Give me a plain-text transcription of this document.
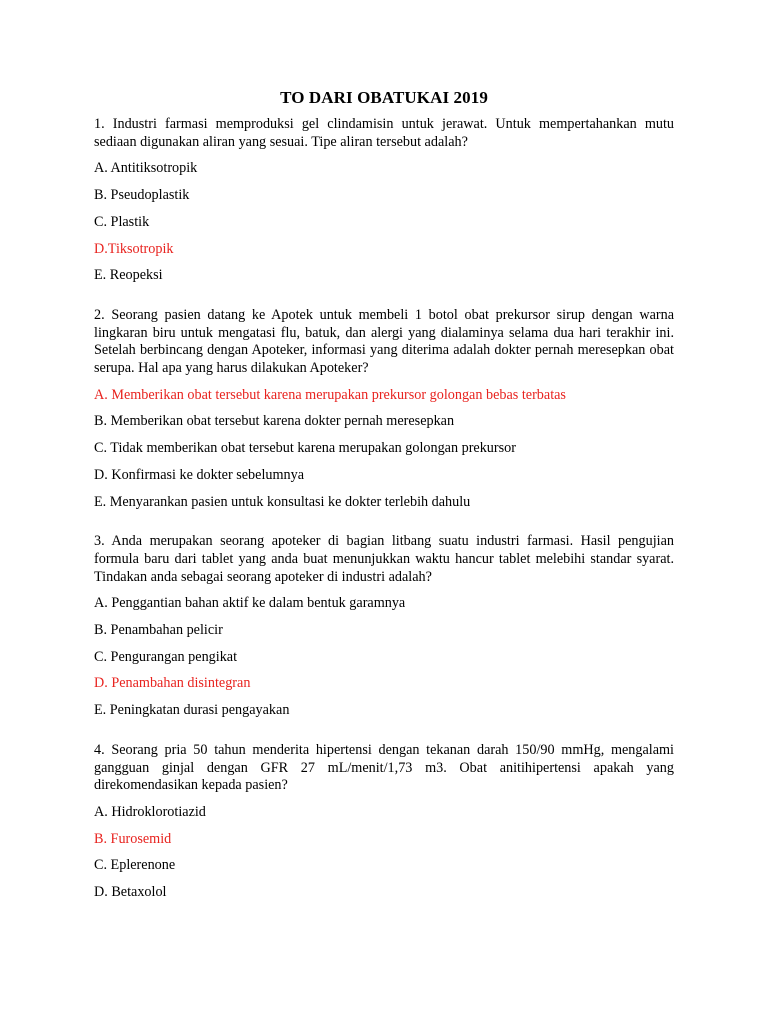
TO DARI OBATUKAI 2019

1. Industri farmasi memproduksi gel clindamisin untuk jerawat. Untuk mempertahankan mutu sediaan digunakan aliran yang sesuai. Tipe aliran tersebut adalah?

A. Antitiksotropik

B. Pseudoplastik

C. Plastik

D.Tiksotropik

E. Reopeksi

2. Seorang pasien datang ke Apotek untuk membeli 1 botol obat prekursor sirup dengan warna lingkaran biru untuk mengatasi flu, batuk, dan alergi yang dialaminya selama dua hari terakhir ini. Setelah berbincang dengan Apoteker, informasi yang diterima adalah dokter pernah meresepkan obat serupa. Hal apa yang harus dilakukan Apoteker?

A. Memberikan obat tersebut karena merupakan prekursor golongan bebas terbatas

B. Memberikan obat tersebut karena dokter pernah meresepkan

C. Tidak memberikan obat tersebut karena merupakan golongan prekursor

D. Konfirmasi ke dokter sebelumnya

E. Menyarankan pasien untuk konsultasi ke dokter terlebih dahulu

3. Anda merupakan seorang apoteker di bagian litbang suatu industri farmasi. Hasil pengujian formula baru dari tablet yang anda buat menunjukkan waktu hancur tablet melebihi standar syarat. Tindakan anda sebagai seorang apoteker di industri adalah?

A. Penggantian bahan aktif ke dalam bentuk garamnya

B. Penambahan pelicir

C. Pengurangan pengikat

D. Penambahan disintegran

E. Peningkatan durasi pengayakan

4. Seorang pria 50 tahun menderita hipertensi dengan tekanan darah 150/90 mmHg, mengalami gangguan ginjal dengan GFR 27 mL/menit/1,73 m3. Obat anitihipertensi apakah yang direkomendasikan kepada pasien?

A. Hidroklorotiazid

B. Furosemid

C. Eplerenone

D. Betaxolol
